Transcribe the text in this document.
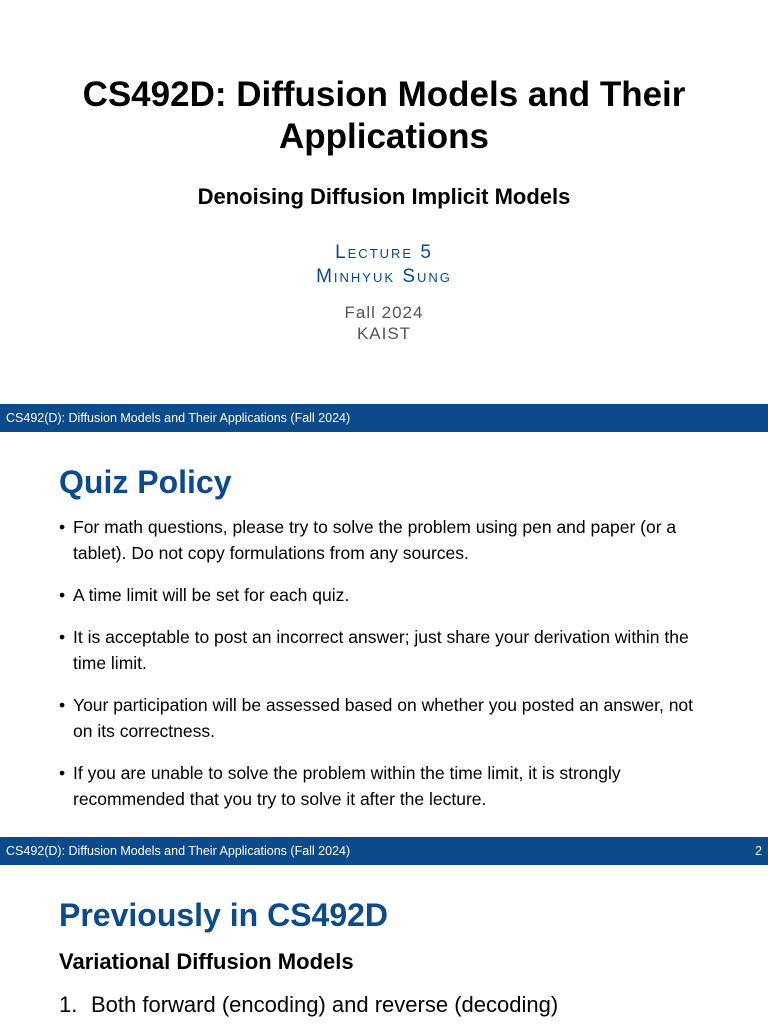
CS492D: Diffusion Models and Their Applications
Denoising Diffusion Implicit Models
Lecture 5
Minhyuk Sung
Fall 2024
KAIST
CS492(D): Diffusion Models and Their Applications (Fall 2024)
Quiz Policy
• For math questions, please try to solve the problem using pen and paper (or a tablet). Do not copy formulations from any sources.
• A time limit will be set for each quiz.
• It is acceptable to post an incorrect answer; just share your derivation within the time limit.
• Your participation will be assessed based on whether you posted an answer, not on its correctness.
• If you are unable to solve the problem within the time limit, it is strongly recommended that you try to solve it after the lecture.
CS492(D): Diffusion Models and Their Applications (Fall 2024)	2
Previously in CS492D
Variational Diffusion Models
1. Both forward (encoding) and reverse (decoding)
